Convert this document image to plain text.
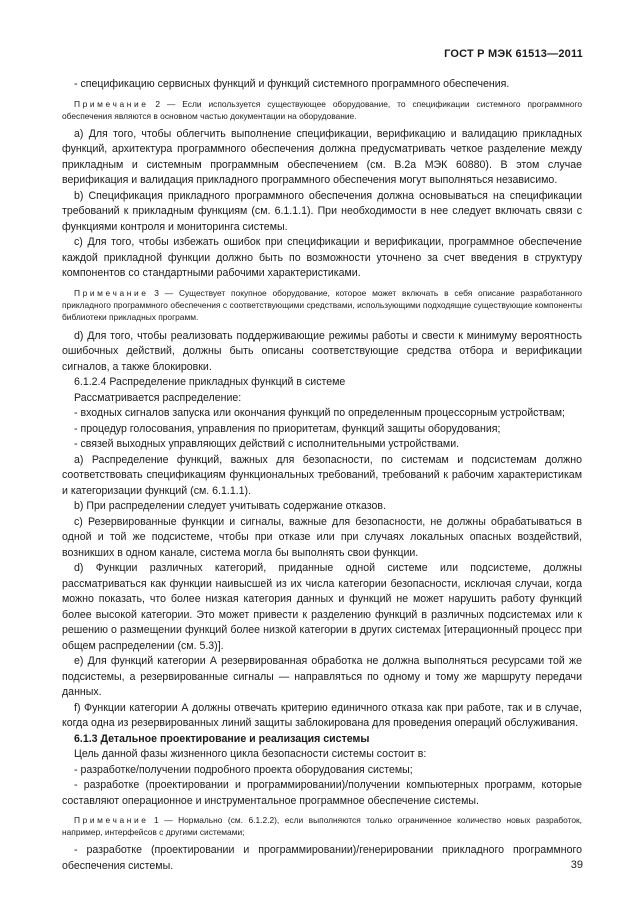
ГОСТ Р МЭК 61513—2011

- спецификацию сервисных функций и функций системного программного обеспечения.

Примечание 2 — Если используется существующее оборудование, то спецификации системного программного обеспечения являются в основном частью документации на оборудование.

a) Для того, чтобы облегчить выполнение спецификации, верификацию и валидацию прикладных функций, архитектура программного обеспечения должна предусматривать четкое разделение между прикладным и системным программным обеспечением (см. В.2а МЭК 60880). В этом случае верификация и валидация прикладного программного обеспечения могут выполняться независимо.

b) Спецификация прикладного программного обеспечения должна основываться на спецификации требований к прикладным функциям (см. 6.1.1.1). При необходимости в нее следует включать связи с функциями контроля и мониторинга системы.

c) Для того, чтобы избежать ошибок при спецификации и верификации, программное обеспечение каждой прикладной функции должно быть по возможности уточнено за счет введения в структуру компонентов со стандартными рабочими характеристиками.

Примечание 3 — Существует покупное оборудование, которое может включать в себя описание разработанного прикладного программного обеспечения с соответствующими средствами, использующими подходящие существующие компоненты библиотеки прикладных программ.

d) Для того, чтобы реализовать поддерживающие режимы работы и свести к минимуму вероятность ошибочных действий, должны быть описаны соответствующие средства отбора и верификации сигналов, а также блокировки.

6.1.2.4 Распределение прикладных функций в системе

Рассматривается распределение:

- входных сигналов запуска или окончания функций по определенным процессорным устройствам;

- процедур голосования, управления по приоритетам, функций защиты оборудования;

- связей выходных управляющих действий с исполнительными устройствами.

a) Распределение функций, важных для безопасности, по системам и подсистемам должно соответствовать спецификациям функциональных требований, требований к рабочим характеристикам и категоризации функций (см. 6.1.1.1).

b) При распределении следует учитывать содержание отказов.

c) Резервированные функции и сигналы, важные для безопасности, не должны обрабатываться в одной и той же подсистеме, чтобы при отказе или при случаях локальных опасных воздействий, возникших в одном канале, система могла бы выполнять свои функции.

d) Функции различных категорий, приданные одной системе или подсистеме, должны рассматриваться как функции наивысшей из их числа категории безопасности, исключая случаи, когда можно показать, что более низкая категория данных и функций не может нарушить работу функций более высокой категории. Это может привести к разделению функций в различных подсистемах или к решению о размещении функций более низкой категории в других системах [итерационный процесс при общем распределении (см. 5.3)].

e) Для функций категории А резервированная обработка не должна выполняться ресурсами той же подсистемы, а резервированные сигналы — направляться по одному и тому же маршруту передачи данных.

f) Функции категории А должны отвечать критерию единичного отказа как при работе, так и в случае, когда одна из резервированных линий защиты заблокирована для проведения операций обслуживания.

6.1.3 Детальное проектирование и реализация системы

Цель данной фазы жизненного цикла безопасности системы состоит в:

- разработке/получении подробного проекта оборудования системы;

- разработке (проектировании и программировании)/получении компьютерных программ, которые составляют операционное и инструментальное программное обеспечение системы.

Примечание 1 — Нормально (см. 6.1.2.2), если выполняются только ограниченное количество новых разработок, например, интерфейсов с другими системами;

- разработке (проектировании и программировании)/генерировании прикладного программного обеспечения системы.	39
